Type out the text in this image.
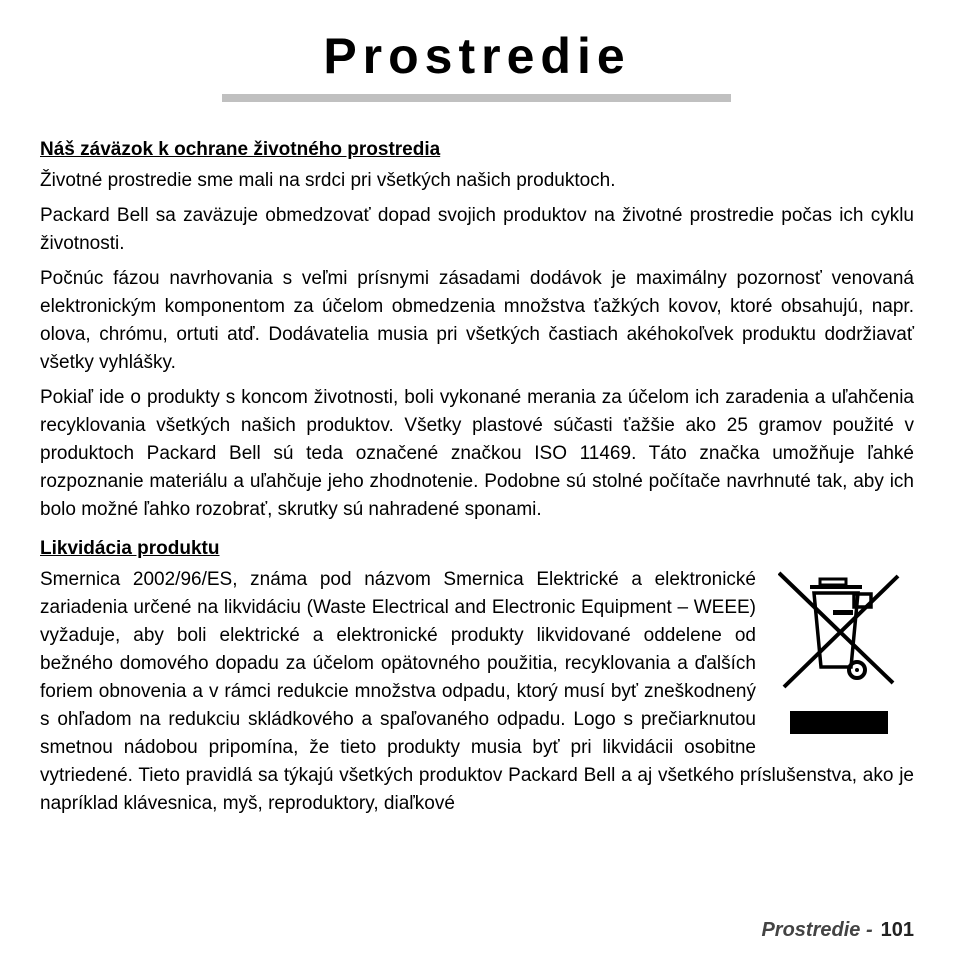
Prostredie
Náš záväzok k ochrane životného prostredia

Životné prostredie sme mali na srdci pri všetkých našich produktoch.

Packard Bell sa zaväzuje obmedzovať dopad svojich produktov na životné prostredie počas ich cyklu životnosti.

Počnúc fázou navrhovania s veľmi prísnymi zásadami dodávok je maximálny pozornosť venovaná elektronickým komponentom za účelom obmedzenia množstva ťažkých kovov, ktoré obsahujú, napr. olova, chrómu, ortuti atď. Dodávatelia musia pri všetkých častiach akéhokoľvek produktu dodržiavať všetky vyhlášky.

Pokiaľ ide o produkty s koncom životnosti, boli vykonané merania za účelom ich zaradenia a uľahčenia recyklovania všetkých našich produktov. Všetky plastové súčasti ťažšie ako 25 gramov použité v produktoch Packard Bell sú teda označené značkou ISO 11469. Táto značka umožňuje ľahké rozpoznanie materiálu a uľahčuje jeho zhodnotenie. Podobne sú stolné počítače navrhnuté tak, aby ich bolo možné ľahko rozobrať, skrutky sú nahradené sponami.

Likvidácia produktu

Smernica 2002/96/ES, známa pod názvom Smernica Elektrické a elektronické zariadenia určené na likvidáciu (Waste Electrical and Electronic Equipment – WEEE) vyžaduje, aby boli elektrické a elektronické produkty likvidované oddelene od bežného domového dopadu za účelom opätovného použitia, recyklovania a ďalších foriem obnovenia a v rámci redukcie množstva odpadu, ktorý musí byť zneškodnený s ohľadom na redukciu skládkového a spaľovaného odpadu. Logo s prečiarknutou smetnou nádobou pripomína, že tieto produkty musia byť pri likvidácii osobitne vytriedené. Tieto pravidlá sa týkajú všetkých produktov Packard Bell a aj všetkého príslušenstva, ako je napríklad klávesnica, myš, reproduktory, diaľkové

Prostredie - 101
